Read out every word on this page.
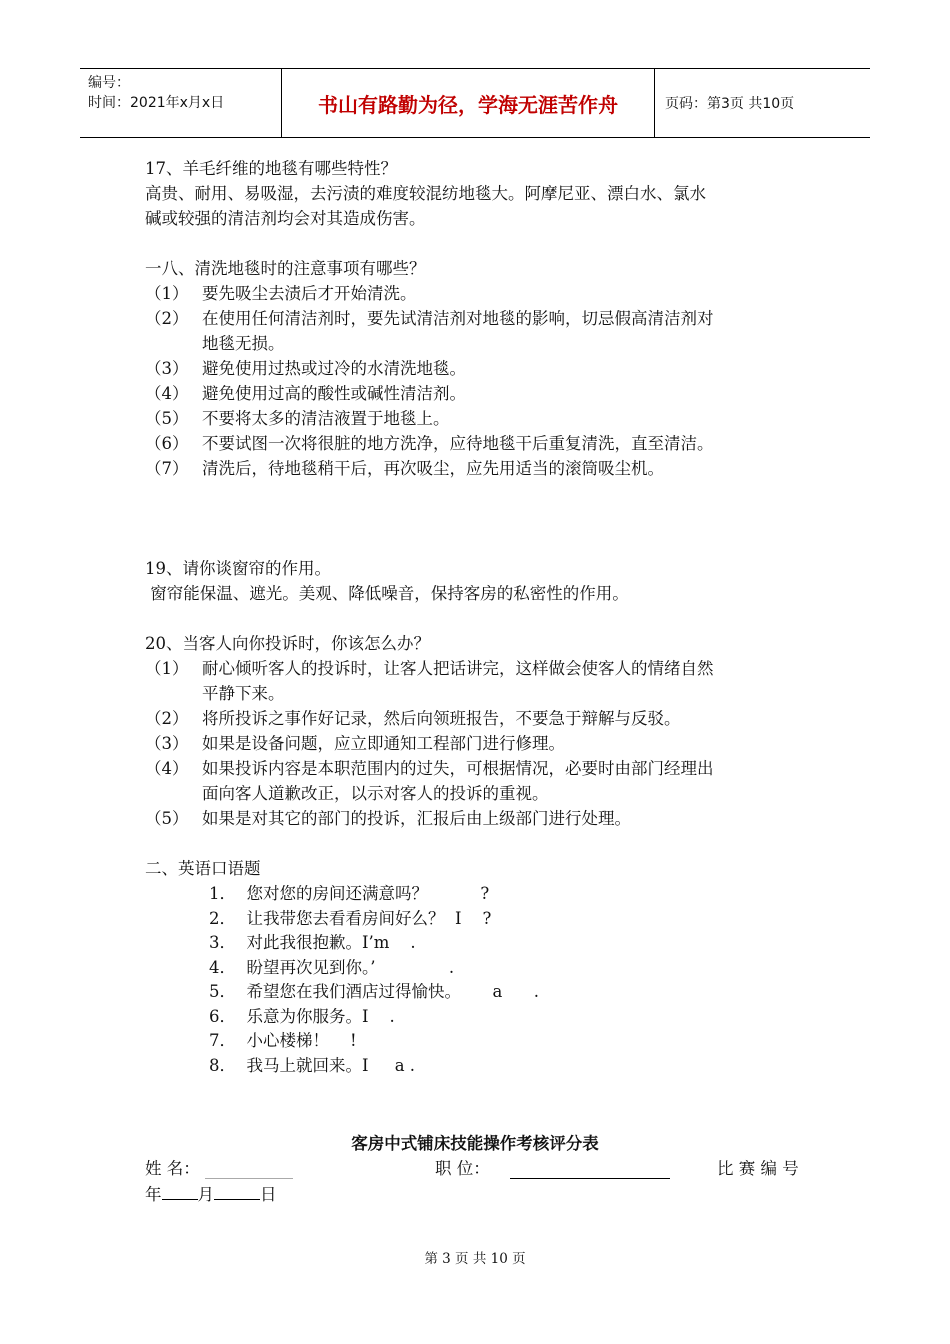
编号：
时间：2021年x月x日	书山有路勤为径，学海无涯苦作舟	页码：第3页 共10页
17、羊毛纤维的地毯有哪些特性？
高贵、耐用、易吸湿，去污渍的难度较混纺地毯大。阿摩尼亚、漂白水、氯水
碱或较强的清洁剂均会对其造成伤害。
一八、清洗地毯时的注意事项有哪些？
（1） 要先吸尘去渍后才开始清洗。
（2） 在使用任何清洁剂时，要先试清洁剂对地毯的影响，切忌假高清洁剂对
地毯无损。
（3） 避免使用过热或过冷的水清洗地毯。
（4） 避免使用过高的酸性或碱性清洁剂。
（5） 不要将太多的清洁液置于地毯上。
（6） 不要试图一次将很脏的地方洗净，应待地毯干后重复清洗，直至清洁。
（7） 清洗后，待地毯稍干后，再次吸尘，应先用适当的滚筒吸尘机。
19、请你谈窗帘的作用。
窗帘能保温、遮光。美观、降低噪音，保持客房的私密性的作用。
20、当客人向你投诉时，你该怎么办？
（1） 耐心倾听客人的投诉时，让客人把话讲完，这样做会使客人的情绪自然
平静下来。
（2） 将所投诉之事作好记录，然后向领班报告，不要急于辩解与反驳。
（3） 如果是设备问题，应立即通知工程部门进行修理。
（4） 如果投诉内容是本职范围内的过失，可根据情况，必要时由部门经理出
面向客人道歉改正，以示对客人的投诉的重视。
（5） 如果是对其它的部门的投诉，汇报后由上级部门进行处理。
二、英语口语题
1．  您对您的房间还满意吗？          ?
2．  让我带您去看看房间好么？  I    ?
3．  对此我很抱歉。I’m    .
4．  盼望再次见到你。’              .
5．  希望您在我们酒店过得愉快。      a      .
6．  乐意为你服务。I    .
7．  小心楼梯！    !
8．  我马上就回来。I     a .
客房中式铺床技能操作考核评分表
姓 名：	职 位：	比 赛 编 号
年 月	日
第 3 页 共 10 页
